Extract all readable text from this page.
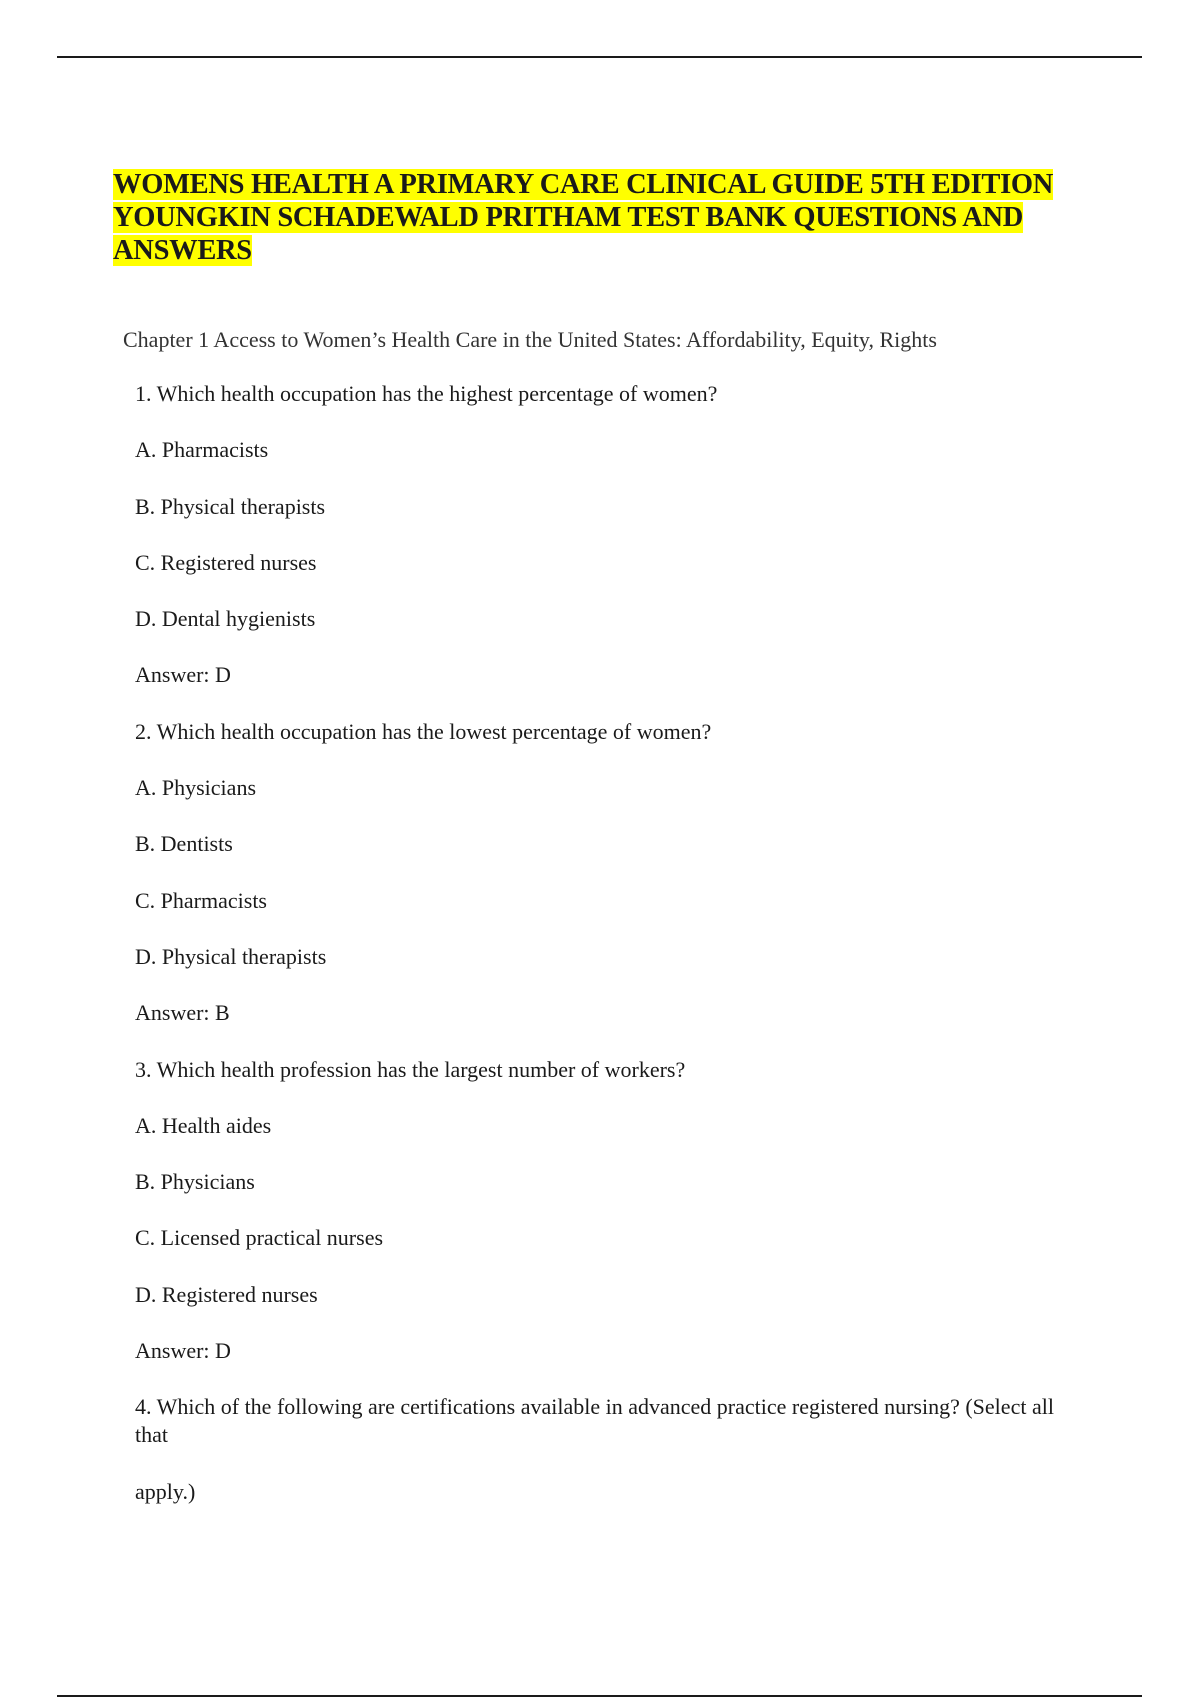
WOMENS HEALTH A PRIMARY CARE CLINICAL GUIDE 5TH EDITION YOUNGKIN SCHADEWALD PRITHAM TEST BANK QUESTIONS AND ANSWERS
Chapter 1 Access to Women’s Health Care in the United States: Affordability, Equity, Rights
1. Which health occupation has the highest percentage of women?
A. Pharmacists
B. Physical therapists
C. Registered nurses
D. Dental hygienists
Answer: D
2. Which health occupation has the lowest percentage of women?
A. Physicians
B. Dentists
C. Pharmacists
D. Physical therapists
Answer: B
3. Which health profession has the largest number of workers?
A. Health aides
B. Physicians
C. Licensed practical nurses
D. Registered nurses
Answer: D
4. Which of the following are certifications available in advanced practice registered nursing? (Select all that
apply.)
